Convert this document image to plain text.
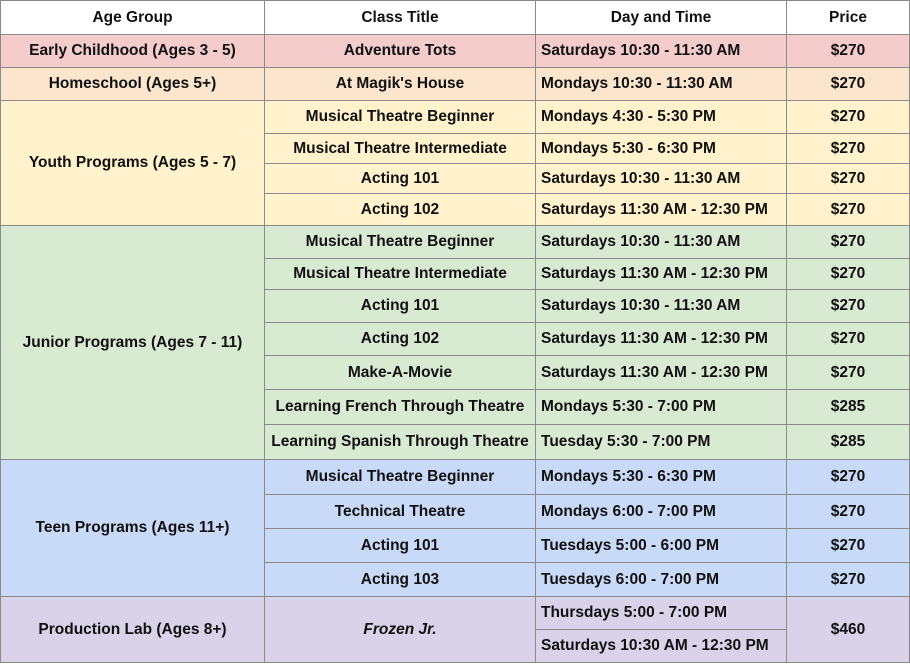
Age Group	Class Title	Day and Time	Price
Early Childhood (Ages 3 - 5)	Adventure Tots	Saturdays 10:30 - 11:30 AM	$270
Homeschool (Ages 5+)	At Magik's House	Mondays 10:30 - 11:30 AM	$270
Youth Programs (Ages 5 - 7)	Musical Theatre Beginner	Mondays 4:30 - 5:30 PM	$270
	Musical Theatre Intermediate	Mondays 5:30 - 6:30 PM	$270
	Acting 101	Saturdays 10:30 - 11:30 AM	$270
	Acting 102	Saturdays 11:30 AM - 12:30 PM	$270
Junior Programs (Ages 7 - 11)	Musical Theatre Beginner	Saturdays 10:30 - 11:30 AM	$270
	Musical Theatre Intermediate	Saturdays 11:30 AM - 12:30 PM	$270
	Acting 101	Saturdays 10:30 - 11:30 AM	$270
	Acting 102	Saturdays 11:30 AM - 12:30 PM	$270
	Make-A-Movie	Saturdays 11:30 AM - 12:30 PM	$270
	Learning French Through Theatre	Mondays 5:30 - 7:00 PM	$285
	Learning Spanish Through Theatre	Tuesday 5:30 - 7:00 PM	$285
Teen Programs (Ages 11+)	Musical Theatre Beginner	Mondays 5:30 - 6:30 PM	$270
	Technical Theatre	Mondays 6:00 - 7:00 PM	$270
	Acting 101	Tuesdays 5:00 - 6:00 PM	$270
	Acting 103	Tuesdays 6:00 - 7:00 PM	$270
Production Lab (Ages 8+)	Frozen Jr.	Thursdays 5:00 - 7:00 PM	$460
		Saturdays 10:30 AM - 12:30 PM	
